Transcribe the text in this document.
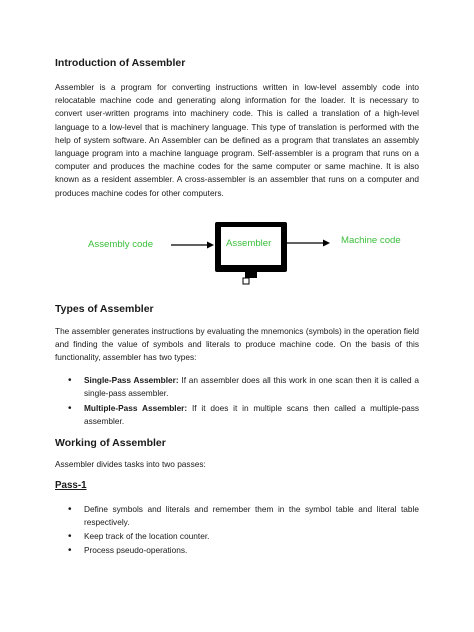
Introduction of Assembler

Assembler is a program for converting instructions written in low-level assembly code into relocatable machine code and generating along information for the loader. It is necessary to convert user-written programs into machinery code. This is called a translation of a high-level language to a low-level that is machinery language. This type of translation is performed with the help of system software. An Assembler can be defined as a program that translates an assembly language program into a machine language program. Self-assembler is a program that runs on a computer and produces the machine codes for the same computer or same machine. It is also known as a resident assembler. A cross-assembler is an assembler that runs on a computer and produces machine codes for other computers.

Assembly code	Assembler	Machine code
Types of Assembler

The assembler generates instructions by evaluating the mnemonics (symbols) in the operation field and finding the value of symbols and literals to produce machine code. On the basis of this functionality, assembler has two types:

• Single-Pass Assembler: If an assembler does all this work in one scan then it is called a single-pass assembler.
• Multiple-Pass Assembler: If it does it in multiple scans then called a multiple-pass assembler.
Working of Assembler

Assembler divides tasks into two passes:

Pass-1
• Define symbols and literals and remember them in the symbol table and literal table respectively.
• Keep track of the location counter.
• Process pseudo-operations.
